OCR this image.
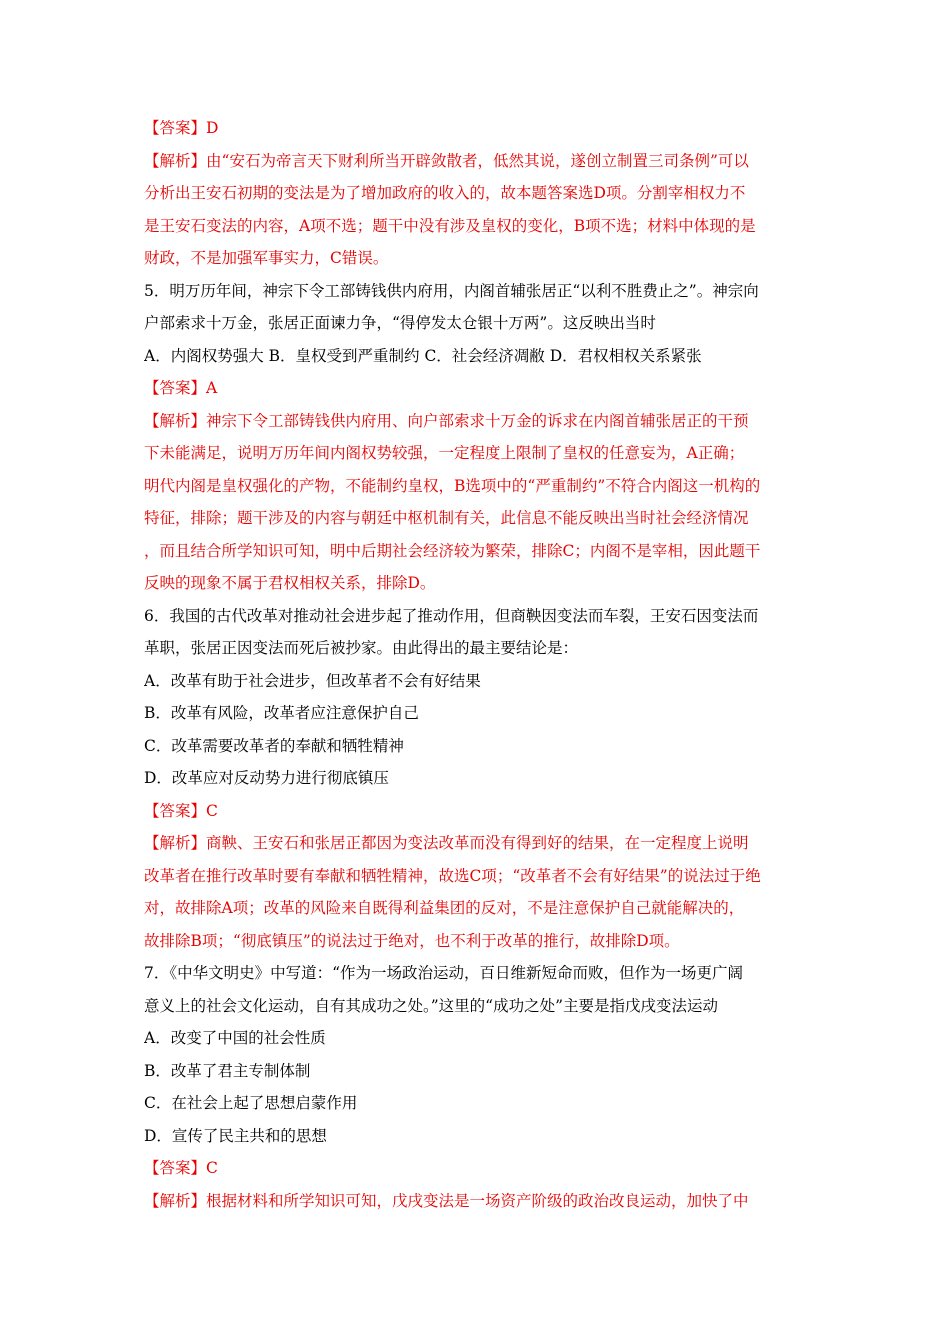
【答案】D
【解析】由“安石为帝言天下财利所当开辟敛散者，低然其说，遂创立制置三司条例”可以
分析出王安石初期的变法是为了增加政府的收入的，故本题答案选D项。分割宰相权力不
是王安石变法的内容，A项不选；题干中没有涉及皇权的变化，B项不选；材料中体现的是
财政，不是加强军事实力，C错误。
5．明万历年间，神宗下令工部铸钱供内府用，内阁首辅张居正“以利不胜费止之”。神宗向
户部索求十万金，张居正面谏力争，“得停发太仓银十万两”。这反映出当时
A．内阁权势强大 B．皇权受到严重制约 C．社会经济凋敝 D．君权相权关系紧张
【答案】A
【解析】神宗下令工部铸钱供内府用、向户部索求十万金的诉求在内阁首辅张居正的干预
下未能满足，说明万历年间内阁权势较强，一定程度上限制了皇权的任意妄为，A正确；
明代内阁是皇权强化的产物，不能制约皇权，B选项中的“严重制约”不符合内阁这一机构的
特征，排除；题干涉及的内容与朝廷中枢机制有关，此信息不能反映出当时社会经济情况
，而且结合所学知识可知，明中后期社会经济较为繁荣，排除C；内阁不是宰相，因此题干
反映的现象不属于君权相权关系，排除D。
6．我国的古代改革对推动社会进步起了推动作用，但商鞅因变法而车裂，王安石因变法而
革职，张居正因变法而死后被抄家。由此得出的最主要结论是：
A．改革有助于社会进步，但改革者不会有好结果
B．改革有风险，改革者应注意保护自己
C．改革需要改革者的奉献和牺牲精神
D．改革应对反动势力进行彻底镇压
【答案】C
【解析】商鞅、王安石和张居正都因为变法改革而没有得到好的结果，在一定程度上说明
改革者在推行改革时要有奉献和牺牲精神，故选C项；“改革者不会有好结果”的说法过于绝
对，故排除A项；改革的风险来自既得利益集团的反对，不是注意保护自己就能解决的，
故排除B项；“彻底镇压”的说法过于绝对，也不利于改革的推行，故排除D项。
7．《中华文明史》中写道：“作为一场政治运动，百日维新短命而败，但作为一场更广阔
意义上的社会文化运动，自有其成功之处。”这里的“成功之处”主要是指戊戌变法运动
A．改变了中国的社会性质
B．改革了君主专制体制
C．在社会上起了思想启蒙作用
D．宣传了民主共和的思想
【答案】C
【解析】根据材料和所学知识可知，戊戌变法是一场资产阶级的政治改良运动，加快了中
